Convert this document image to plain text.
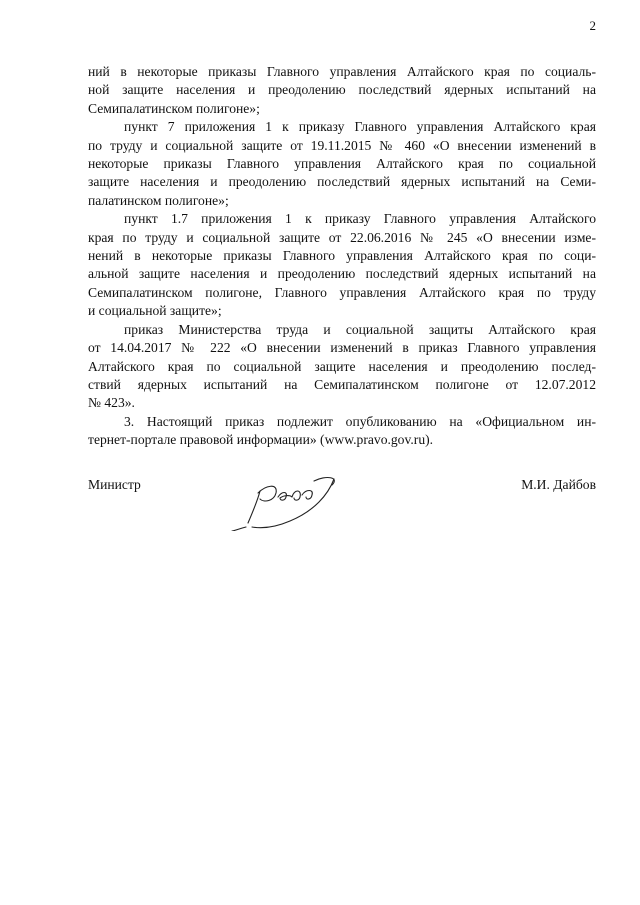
2

ний в некоторые приказы Главного управления Алтайского края по социаль-
ной защите населения и преодолению последствий ядерных испытаний на
Семипалатинском полигоне»;

пункт 7 приложения 1 к приказу Главного управления Алтайского края
по труду и социальной защите от 19.11.2015 № 460 «О внесении изменений в
некоторые приказы Главного управления Алтайского края по социальной
защите населения и преодолению последствий ядерных испытаний на Семи-
палатинском полигоне»;

пункт 1.7 приложения 1 к приказу Главного управления Алтайского
края по труду и социальной защите от 22.06.2016 № 245 «О внесении изме-
нений в некоторые приказы Главного управления Алтайского края по соци-
альной защите населения и преодолению последствий ядерных испытаний на
Семипалатинском полигоне, Главного управления Алтайского края по труду
и социальной защите»;

приказ Министерства труда и социальной защиты Алтайского края
от 14.04.2017 № 222 «О внесении изменений в приказ Главного управления
Алтайского края по социальной защите населения и преодолению послед-
ствий ядерных испытаний на Семипалатинском полигоне от 12.07.2012
№ 423».

3. Настоящий приказ подлежит опубликованию на «Официальном ин-
тернет-портале правовой информации» (www.pravo.gov.ru).

Министр	М.И. Дайбов
